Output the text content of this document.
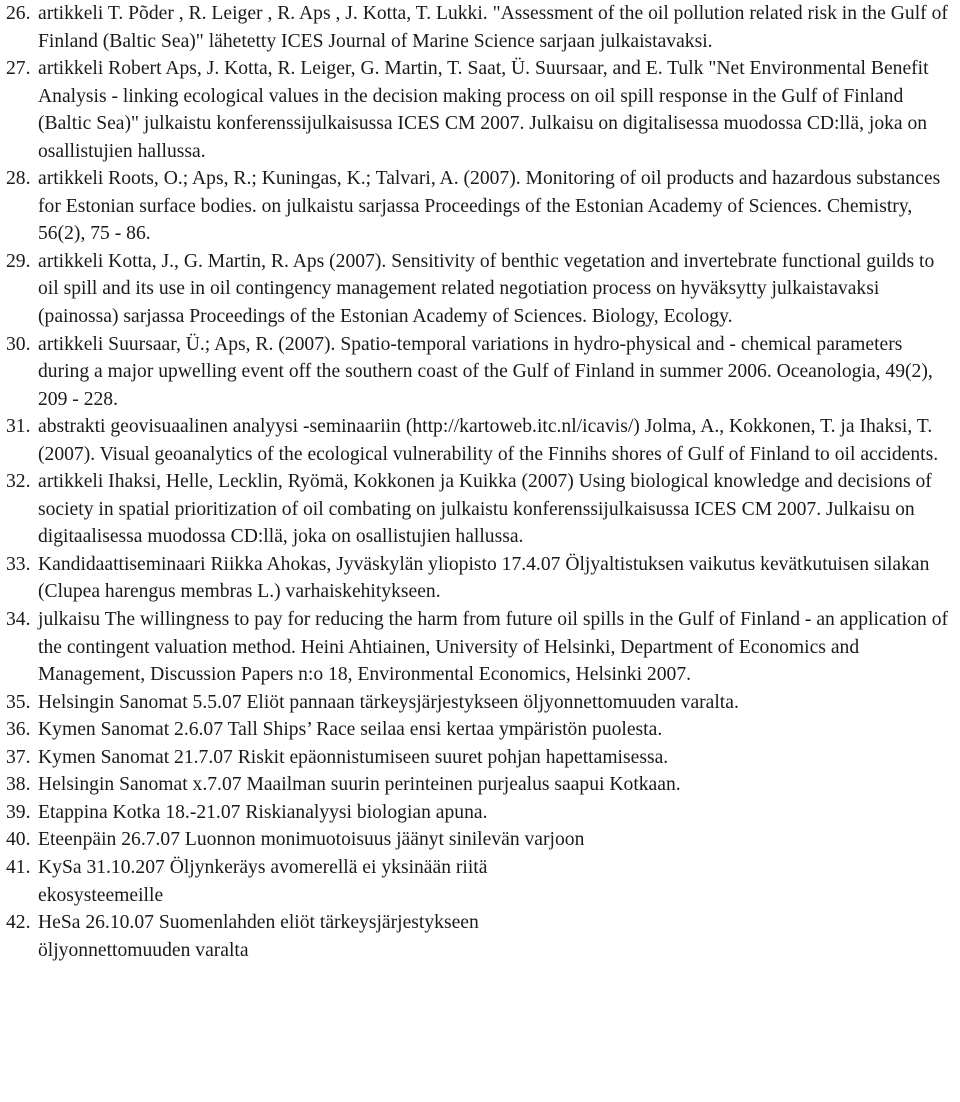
26. artikkeli T. Põder , R. Leiger , R. Aps , J. Kotta, T. Lukki. "Assessment of the oil pollution related risk in the Gulf of Finland (Baltic Sea)" lähetetty ICES Journal of Marine Science sarjaan julkaistavaksi.
27. artikkeli Robert Aps, J. Kotta, R. Leiger, G. Martin, T. Saat, Ü. Suursaar, and E. Tulk "Net Environmental Benefit Analysis - linking ecological values in the decision making process on oil spill response in the Gulf of Finland (Baltic Sea)" julkaistu konferenssijulkaisussa ICES CM 2007. Julkaisu on digitalisessa muodossa CD:llä, joka on osallistujien hallussa.
28. artikkeli Roots, O.; Aps, R.; Kuningas, K.; Talvari, A. (2007). Monitoring of oil products and hazardous substances for Estonian surface bodies. on julkaistu sarjassa Proceedings of the Estonian Academy of Sciences. Chemistry, 56(2), 75 - 86.
29. artikkeli Kotta, J., G. Martin, R. Aps (2007). Sensitivity of benthic vegetation and invertebrate functional guilds to oil spill and its use in oil contingency management related negotiation process on hyväksytty julkaistavaksi (painossa) sarjassa Proceedings of the Estonian Academy of Sciences. Biology, Ecology.
30. artikkeli Suursaar, Ü.; Aps, R. (2007). Spatio-temporal variations in hydro-physical and - chemical parameters during a major upwelling event off the southern coast of the Gulf of Finland in summer 2006. Oceanologia, 49(2), 209 - 228.
31. abstrakti geovisuaalinen analyysi -seminaariin (http://kartoweb.itc.nl/icavis/) Jolma, A., Kokkonen, T. ja Ihaksi, T. (2007). Visual geoanalytics of the ecological vulnerability of the Finnihs shores of Gulf of Finland to oil accidents.
32. artikkeli Ihaksi, Helle, Lecklin, Ryömä, Kokkonen ja Kuikka (2007) Using biological knowledge and decisions of society in spatial prioritization of oil combating on julkaistu konferenssijulkaisussa ICES CM 2007. Julkaisu on digitaalisessa muodossa CD:llä, joka on osallistujien hallussa.
33. Kandidaattiseminaari Riikka Ahokas, Jyväskylän yliopisto 17.4.07 Öljyaltistuksen vaikutus kevätkutuisen silakan (Clupea harengus membras L.) varhaiskehitykseen.
34. julkaisu The willingness to pay for reducing the harm from future oil spills in the Gulf of Finland - an application of the contingent valuation method. Heini Ahtiainen, University of Helsinki, Department of Economics and Management, Discussion Papers n:o 18, Environmental Economics, Helsinki 2007.
35. Helsingin Sanomat 5.5.07 Eliöt pannaan tärkeysjärjestykseen öljyonnettomuuden varalta.
36. Kymen Sanomat 2.6.07 Tall Ships’ Race seilaa ensi kertaa ympäristön puolesta.
37. Kymen Sanomat 21.7.07 Riskit epäonnistumiseen suuret pohjan hapettamisessa.
38. Helsingin Sanomat x.7.07 Maailman suurin perinteinen purjealus saapui Kotkaan.
39. Etappina Kotka 18.-21.07 Riskianalyysi biologian apuna.
40. Eteenpäin 26.7.07 Luonnon monimuotoisuus jäänyt sinilevän varjoon
41. KySa 31.10.207 Öljynkeräys avomerellä ei yksinään riitä ekosysteemeille
42. HeSa 26.10.07 Suomenlahden eliöt tärkeysjärjestykseen öljyonnettomuuden varalta
